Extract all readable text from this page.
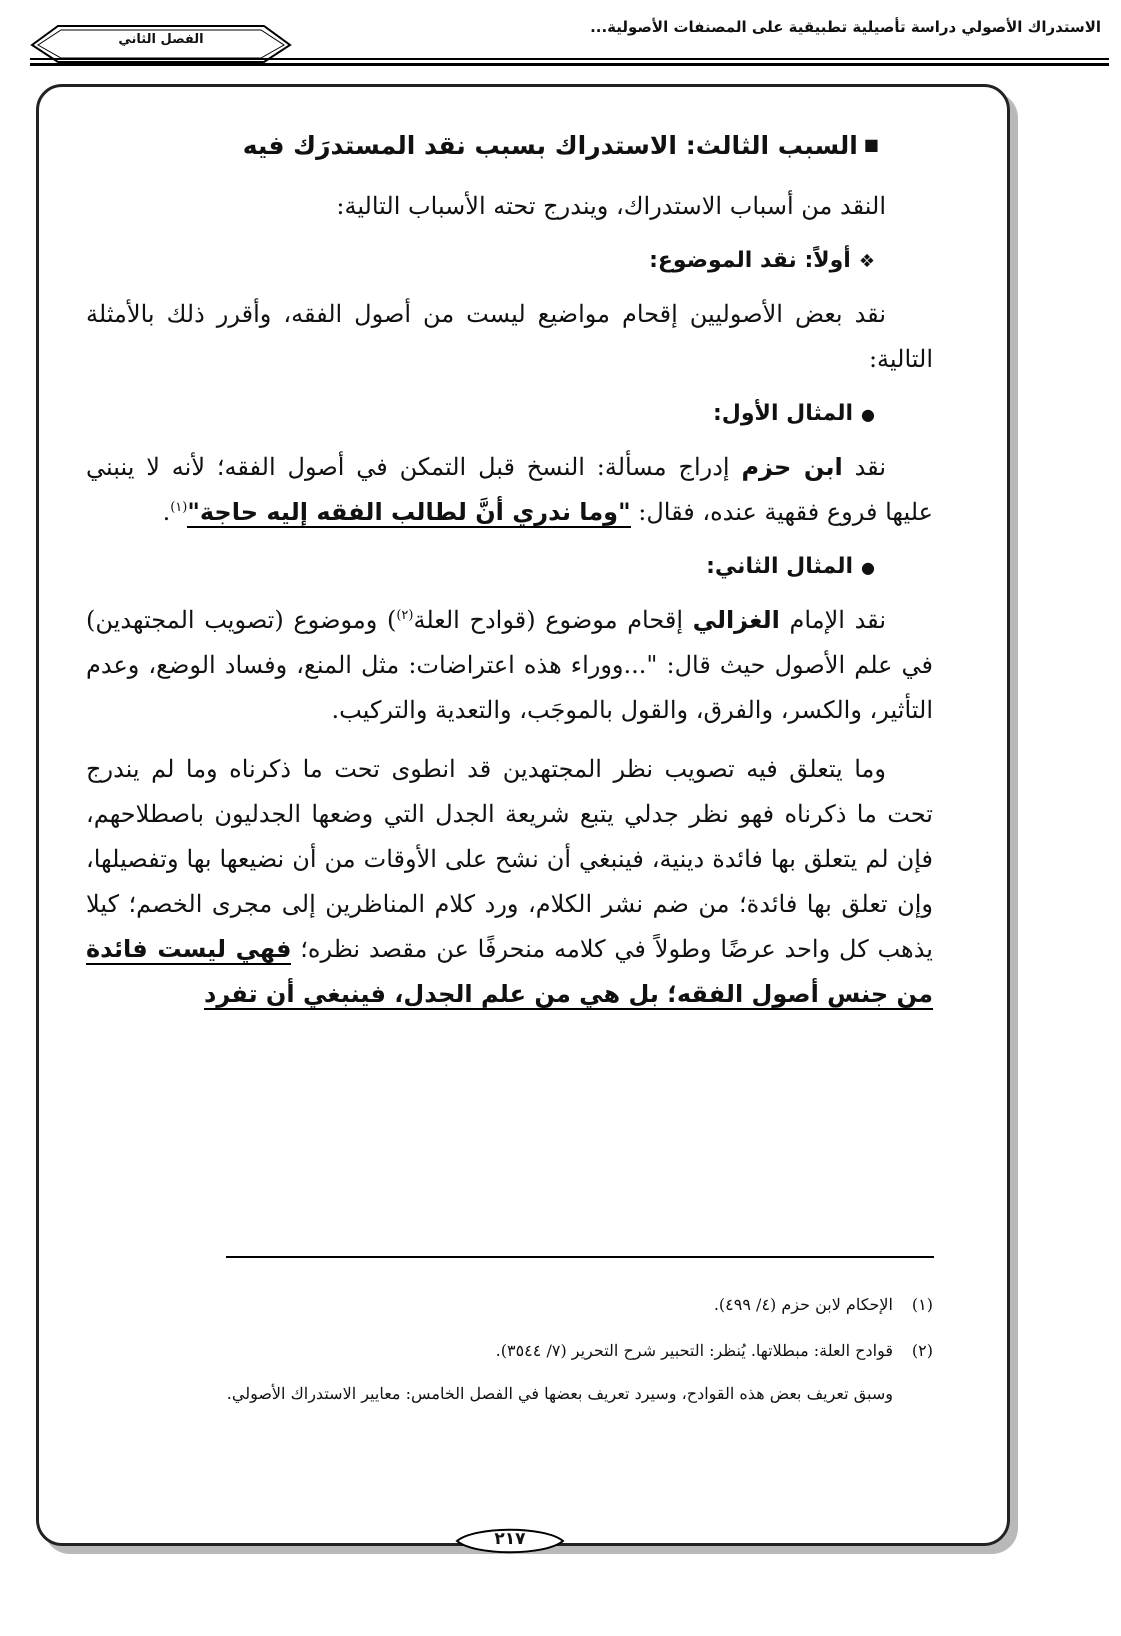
الاستدراك الأصولي دراسة تأصيلية تطبيقية على المصنفات الأصولية...
الفصل الثاني
■السبب الثالث: الاستدراك بسبب نقد المستدرَك فيه

النقد من أسباب الاستدراك، ويندرج تحته الأسباب التالية:

❖أولاً: نقد الموضوع:

نقد بعض الأصوليين إقحام مواضيع ليست من أصول الفقه، وأقرر ذلك بالأمثلة التالية:

●المثال الأول:

نقد ابن حزم إدراج مسألة: النسخ قبل التمكن في أصول الفقه؛ لأنه لا ينبني عليها فروع فقهية عنده، فقال: "وما ندري أنَّ لطالب الفقه إليه حاجة"$^{(١)}$.

●المثال الثاني:

نقد الإمام الغزالي إقحام موضوع (قوادح العلة$^{(٢)}$) وموضوع (تصويب المجتهدين) في علم الأصول حيث قال: "...ووراء هذه اعتراضات: مثل المنع، وفساد الوضع، وعدم التأثير، والكسر، والفرق، والقول بالموجَب، والتعدية والتركيب.

وما يتعلق فيه تصويب نظر المجتهدين قد انطوى تحت ما ذكرناه وما لم يندرج تحت ما ذكرناه فهو نظر جدلي يتبع شريعة الجدل التي وضعها الجدليون باصطلاحهم، فإن لم يتعلق بها فائدة دينية، فينبغي أن نشح على الأوقات من أن نضيعها بها وتفصيلها، وإن تعلق بها فائدة؛ من ضم نشر الكلام، ورد كلام المناظرين إلى مجرى الخصم؛ كيلا يذهب كل واحد عرضًا وطولاً في كلامه منحرفًا عن مقصد نظره؛ فهي ليست فائدة من جنس أصول الفقه؛ بل هي من علم الجدل، فينبغي أن تفرد

(١)الإحكام لابن حزم (٤/ ٤٩٩).

(٢)قوادح العلة: مبطلاتها. يُنظر: التحبير شرح التحرير (٧/ ٣٥٤٤).

وسبق تعريف بعض هذه القوادح، وسيرد تعريف بعضها في الفصل الخامس: معايير الاستدراك الأصولي.

٢١٧
